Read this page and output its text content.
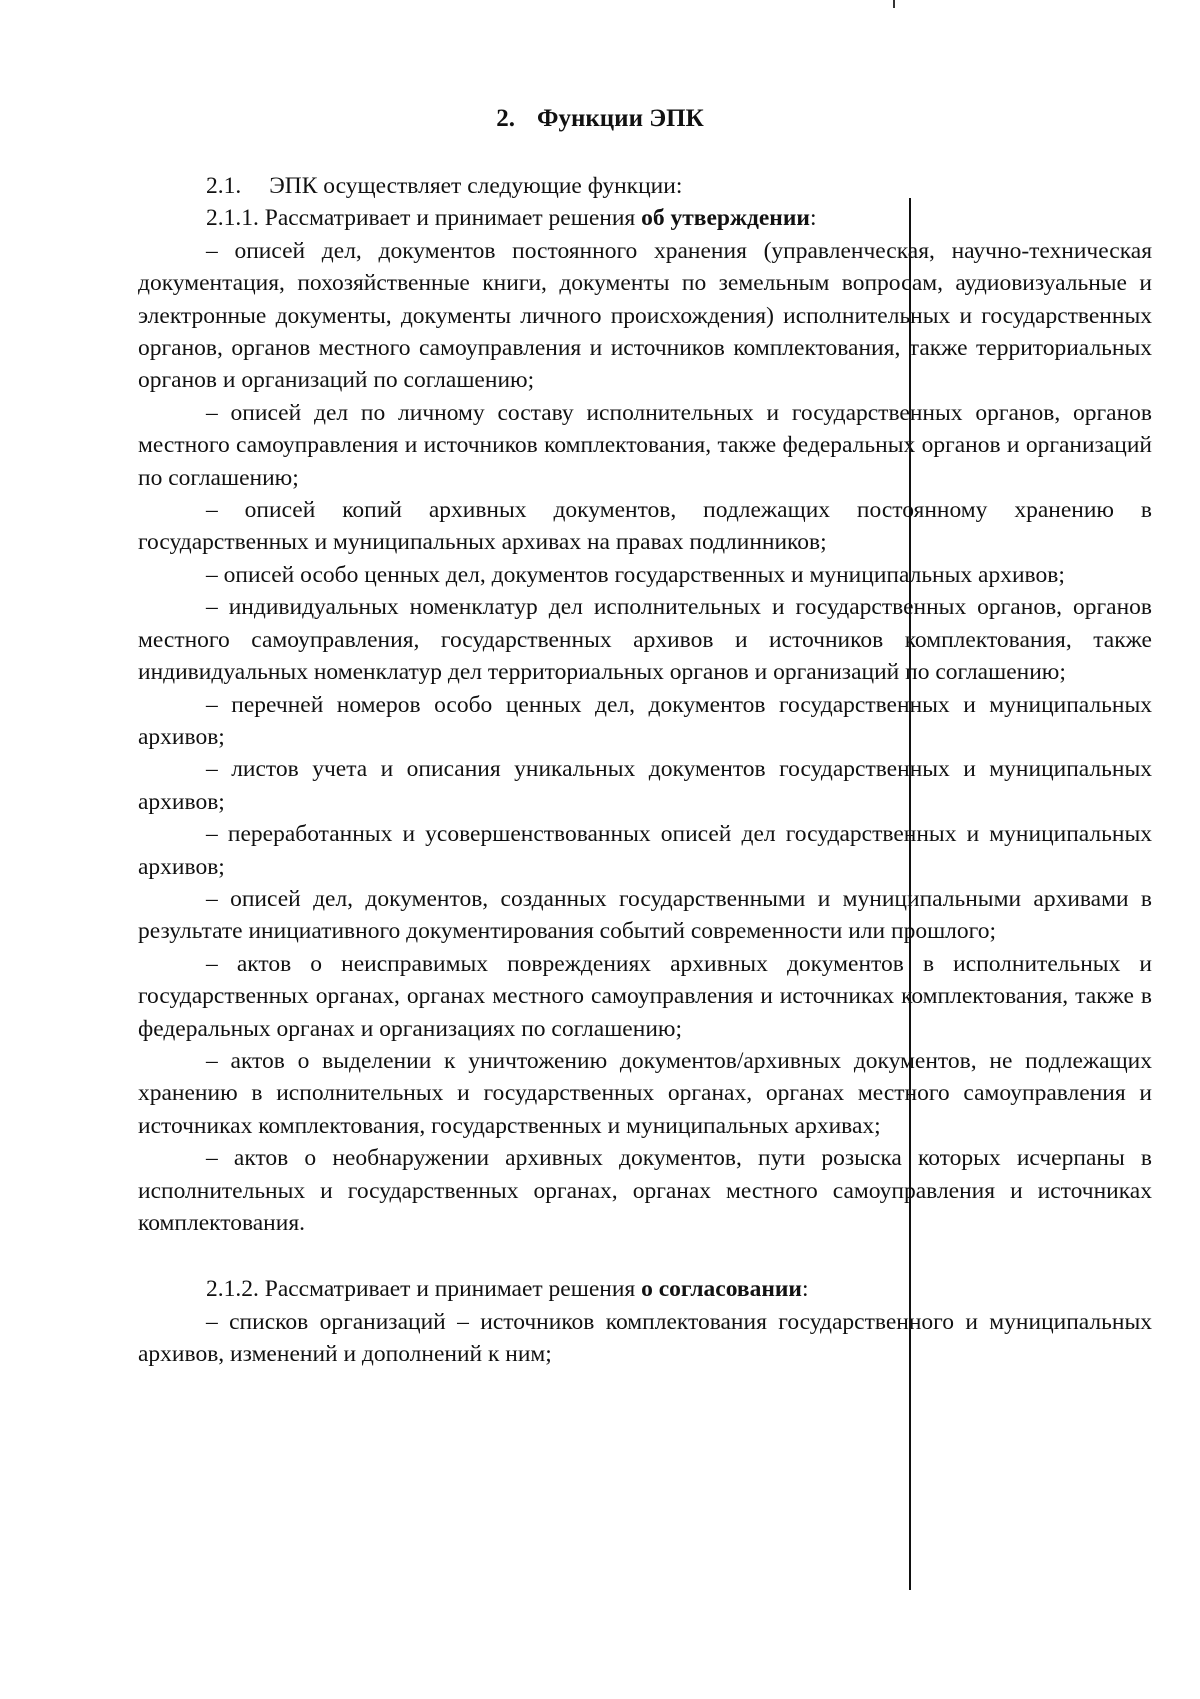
2. Функции ЭПК

2.1. ЭПК осуществляет следующие функции:

2.1.1. Рассматривает и принимает решения об утверждении:

– описей дел, документов постоянного хранения (управленческая, научно-техническая документация, похозяйственные книги, документы по земельным вопросам, аудиовизуальные и электронные документы, документы личного происхождения) исполнительных и государственных органов, органов местного самоуправления и источников комплектования, также территориальных органов и организаций по соглашению;

– описей дел по личному составу исполнительных и государственных органов, органов местного самоуправления и источников комплектования, также федеральных органов и организаций по соглашению;

– описей копий архивных документов, подлежащих постоянному хранению в государственных и муниципальных архивах на правах подлинников;

– описей особо ценных дел, документов государственных и муниципальных архивов;

– индивидуальных номенклатур дел исполнительных и государственных органов, органов местного самоуправления, государственных архивов и источников комплектования, также индивидуальных номенклатур дел территориальных органов и организаций по соглашению;

– перечней номеров особо ценных дел, документов государственных и муниципальных архивов;

– листов учета и описания уникальных документов государственных и муниципальных архивов;

– переработанных и усовершенствованных описей дел государственных и муниципальных архивов;

– описей дел, документов, созданных государственными и муниципальными архивами в результате инициативного документирования событий современности или прошлого;

– актов о неисправимых повреждениях архивных документов в исполнительных и государственных органах, органах местного самоуправления и источниках комплектования, также в федеральных органах и организациях по соглашению;

– актов о выделении к уничтожению документов/архивных документов, не подлежащих хранению в исполнительных и государственных органах, органах местного самоуправления и источниках комплектования, государственных и муниципальных архивах;

– актов о необнаружении архивных документов, пути розыска которых исчерпаны в исполнительных и государственных органах, органах местного самоуправления и источниках комплектования.

2.1.2. Рассматривает и принимает решения о согласовании:

– списков организаций – источников комплектования государственного и муниципальных архивов, изменений и дополнений к ним;
